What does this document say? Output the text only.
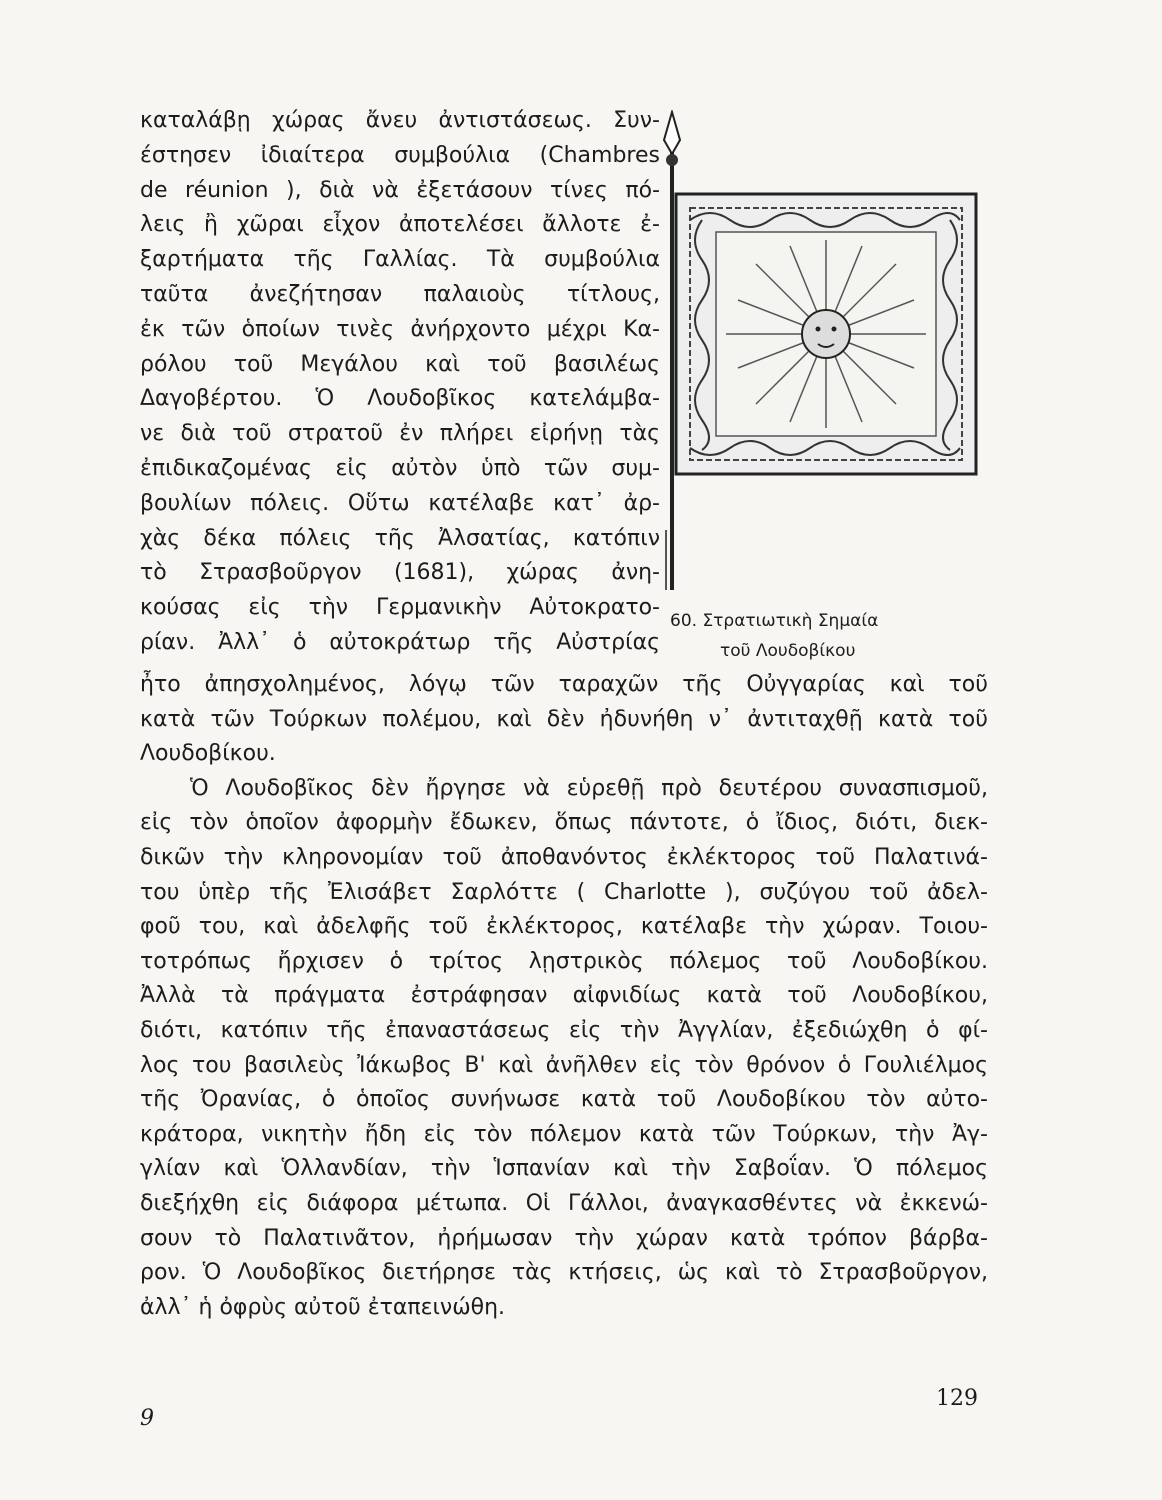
καταλάβῃ χώρας ἄνευ ἀντιστάσεως. Συν-
έστησεν ἰδιαίτερα συμβούλια (Chambres
de réunion ), διὰ νὰ ἐξετάσουν τίνες πό-
λεις ἢ χῶραι εἶχον ἀποτελέσει ἄλλοτε ἐ-
ξαρτήματα τῆς Γαλλίας. Τὰ συμβούλια
ταῦτα ἀνεζήτησαν παλαιοὺς τίτλους,
ἐκ τῶν ὁποίων τινὲς ἀνήρχοντο μέχρι Κα-
ρόλου τοῦ Μεγάλου καὶ τοῦ βασιλέως
Δαγοβέρτου. Ὁ Λουδοβῖκος κατελάμβα-
νε διὰ τοῦ στρατοῦ ἐν πλήρει εἰρήνῃ τὰς
ἐπιδικαζομένας εἰς αὐτὸν ὑπὸ τῶν συμ-
βουλίων πόλεις. Οὕτω κατέλαβε κατ᾿ ἀρ-
χὰς δέκα πόλεις τῆς Ἀλσατίας, κατόπιν
τὸ Στρασβοῦργον (1681), χώρας ἀνη-
κούσας εἰς τὴν Γερμανικὴν Αὐτοκρατο-
ρίαν. Ἀλλ᾿ ὁ αὐτοκράτωρ τῆς Αὐστρίας
60. Στρατιωτικὴ Σημαία
τοῦ Λουδοβίκου
ἦτο ἀπησχολημένος, λόγῳ τῶν ταραχῶν τῆς Οὐγγαρίας καὶ τοῦ
κατὰ τῶν Τούρκων πολέμου, καὶ δὲν ἠδυνήθη ν᾿ ἀντιταχθῇ κατὰ τοῦ
Λουδοβίκου.
Ὁ Λουδοβῖκος δὲν ἤργησε νὰ εὑρεθῇ πρὸ δευτέρου συνασπισμοῦ,
εἰς τὸν ὁποῖον ἀφορμὴν ἔδωκεν, ὅπως πάντοτε, ὁ ἴδιος, διότι, διεκ-
δικῶν τὴν κληρονομίαν τοῦ ἀποθανόντος ἐκλέκτορος τοῦ Παλατινά-
του ὑπὲρ τῆς Ἐλισάβετ Σαρλόττε ( Charlotte ), συζύγου τοῦ ἀδελ-
φοῦ του, καὶ ἀδελφῆς τοῦ ἐκλέκτορος, κατέλαβε τὴν χώραν. Τοιου-
τοτρόπως ἤρχισεν ὁ τρίτος λῃστρικὸς πόλεμος τοῦ Λουδοβίκου.
Ἀλλὰ τὰ πράγματα ἐστράφησαν αἰφνιδίως κατὰ τοῦ Λουδοβίκου,
διότι, κατόπιν τῆς ἐπαναστάσεως εἰς τὴν Ἀγγλίαν, ἐξεδιώχθη ὁ φί-
λος του βασιλεὺς Ἰάκωβος Β' καὶ ἀνῆλθεν εἰς τὸν θρόνον ὁ Γουλιέλμος
τῆς Ὀρανίας, ὁ ὁποῖος συνήνωσε κατὰ τοῦ Λουδοβίκου τὸν αὐτο-
κράτορα, νικητὴν ἤδη εἰς τὸν πόλεμον κατὰ τῶν Τούρκων, τὴν Ἀγ-
γλίαν καὶ Ὁλλανδίαν, τὴν Ἱσπανίαν καὶ τὴν Σαβοΐαν. Ὁ πόλεμος
διεξήχθη εἰς διάφορα μέτωπα. Οἱ Γάλλοι, ἀναγκασθέντες νὰ ἐκκενώ-
σουν τὸ Παλατινᾶτον, ἠρήμωσαν τὴν χώραν κατὰ τρόπον βάρβα-
ρον. Ὁ Λουδοβῖκος διετήρησε τὰς κτήσεις, ὡς καὶ τὸ Στρασβοῦργον,
ἀλλ᾿ ἡ ὀφρὺς αὐτοῦ ἐταπεινώθη.
9
129
